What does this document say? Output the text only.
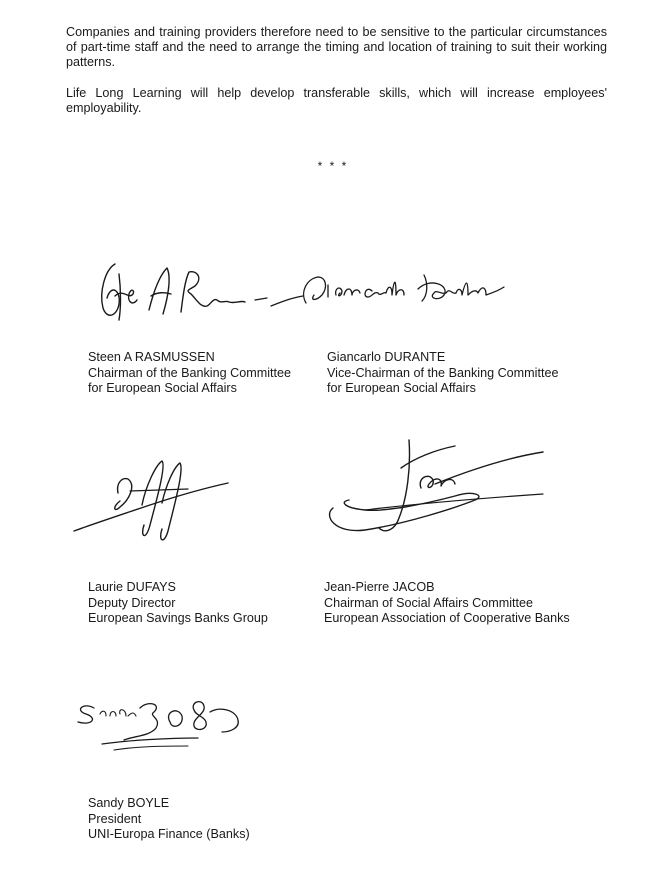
Companies and training providers therefore need to be sensitive to the particular circumstances of part-time staff and the need to arrange the timing and location of training to suit their working patterns.

Life Long Learning will help develop transferable skills, which will increase employees' employability.

* * *
Steen A RASMUSSEN
Chairman of the Banking Committee
for European Social Affairs
Giancarlo DURANTE
Vice-Chairman of the Banking Committee
for European Social Affairs
Laurie DUFAYS
Deputy Director
European Savings Banks Group
Jean-Pierre JACOB
Chairman of Social Affairs Committee
European Association of Cooperative Banks
Sandy BOYLE
President
UNI-Europa Finance (Banks)
